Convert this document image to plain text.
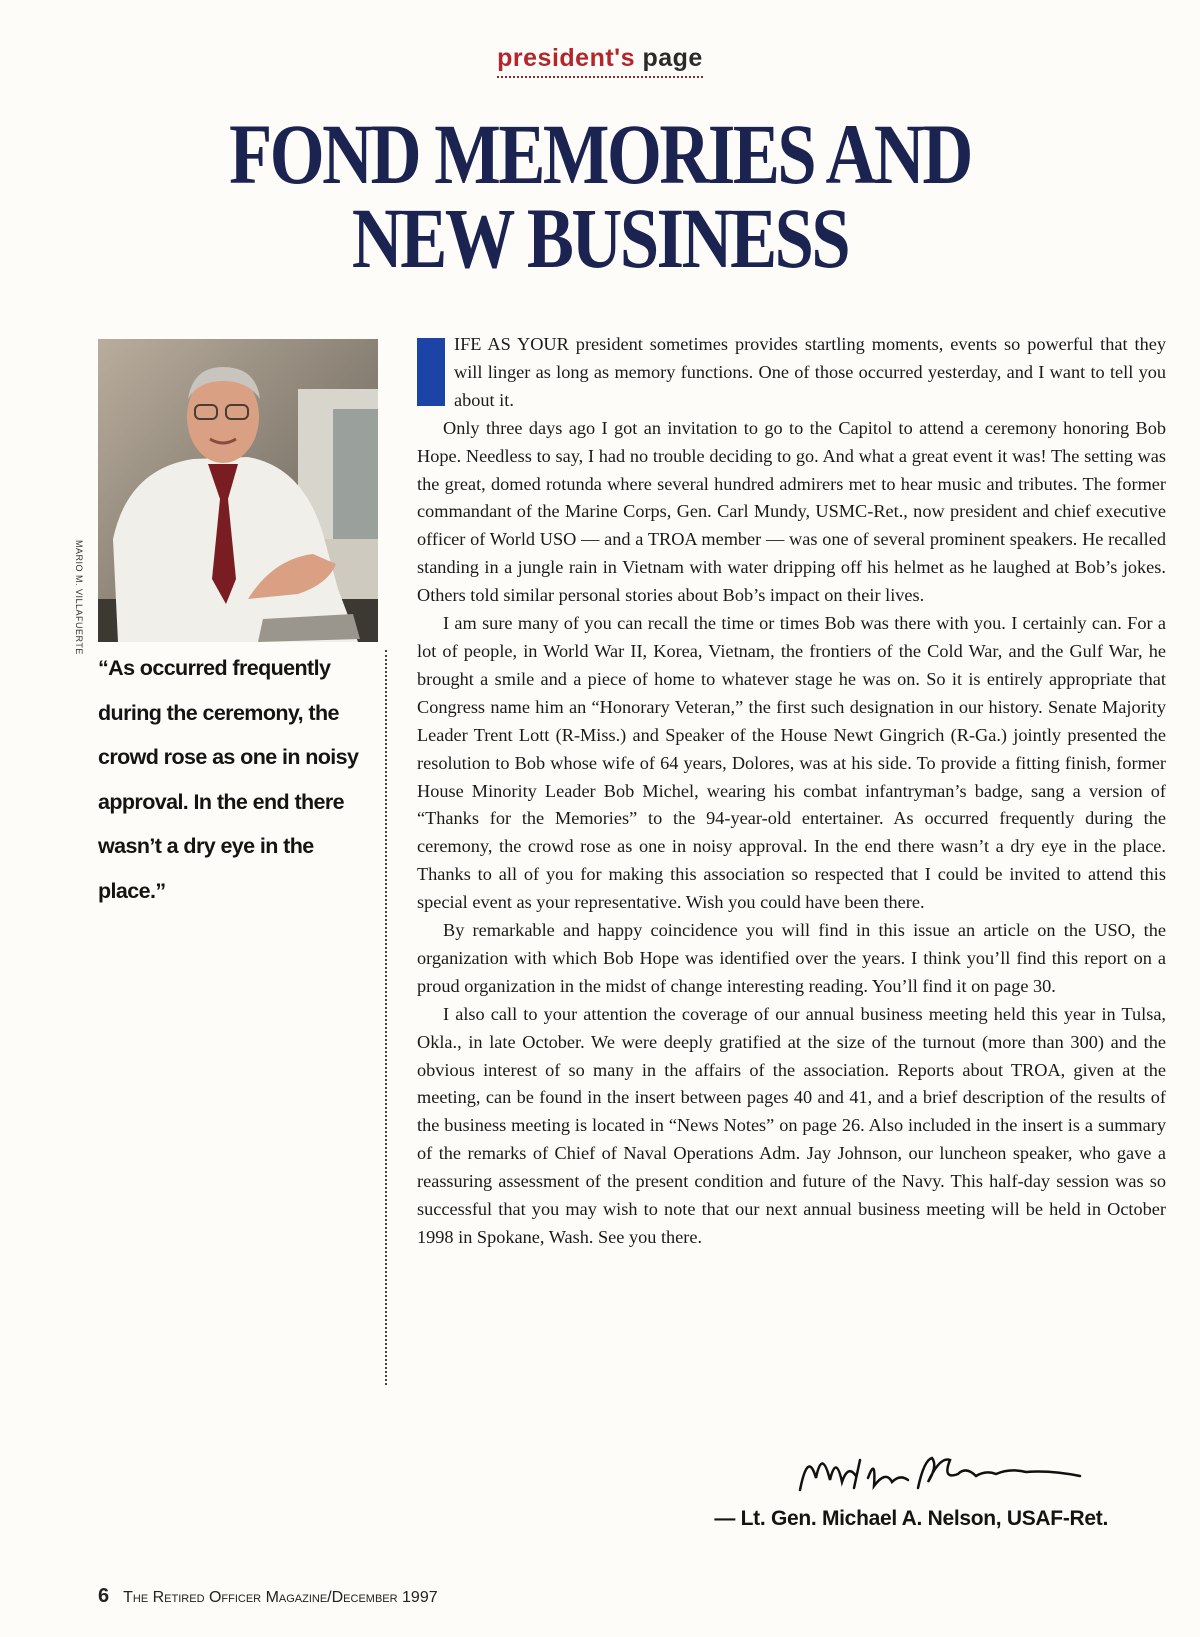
president's page
FOND MEMORIES AND
NEW BUSINESS
MARIO M. VILLAFUERTE
“As occurred frequently during the ceremony, the crowd rose as one in noisy approval. In the end there wasn’t a dry eye in the place.”

IFE AS YOUR president sometimes provides startling moments, events so powerful that they will linger as long as memory functions. One of those occurred yesterday, and I want to tell you about it.

Only three days ago I got an invitation to go to the Capitol to attend a ceremony honoring Bob Hope. Needless to say, I had no trouble deciding to go. And what a great event it was! The setting was the great, domed rotunda where several hundred admirers met to hear music and tributes. The former commandant of the Marine Corps, Gen. Carl Mundy, USMC-Ret., now president and chief executive officer of World USO — and a TROA member — was one of several prominent speakers. He recalled standing in a jungle rain in Vietnam with water dripping off his helmet as he laughed at Bob’s jokes. Others told similar personal stories about Bob’s impact on their lives.

I am sure many of you can recall the time or times Bob was there with you. I certainly can. For a lot of people, in World War II, Korea, Vietnam, the frontiers of the Cold War, and the Gulf War, he brought a smile and a piece of home to whatever stage he was on. So it is entirely appropriate that Congress name him an “Honorary Veteran,” the first such designation in our history. Senate Majority Leader Trent Lott (R-Miss.) and Speaker of the House Newt Gingrich (R-Ga.) jointly presented the resolution to Bob whose wife of 64 years, Dolores, was at his side. To provide a fitting finish, former House Minority Leader Bob Michel, wearing his combat infantryman’s badge, sang a version of “Thanks for the Memories” to the 94-year-old entertainer. As occurred frequently during the ceremony, the crowd rose as one in noisy approval. In the end there wasn’t a dry eye in the place. Thanks to all of you for making this association so respected that I could be invited to attend this special event as your representative. Wish you could have been there.

By remarkable and happy coincidence you will find in this issue an article on the USO, the organization with which Bob Hope was identified over the years. I think you’ll find this report on a proud organization in the midst of change interesting reading. You’ll find it on page 30.

I also call to your attention the coverage of our annual business meeting held this year in Tulsa, Okla., in late October. We were deeply gratified at the size of the turnout (more than 300) and the obvious interest of so many in the affairs of the association. Reports about TROA, given at the meeting, can be found in the insert between pages 40 and 41, and a brief description of the results of the business meeting is located in “News Notes” on page 26. Also included in the insert is a summary of the remarks of Chief of Naval Operations Adm. Jay Johnson, our luncheon speaker, who gave a reassuring assessment of the present condition and future of the Navy. This half-day session was so successful that you may wish to note that our next annual business meeting will be held in October 1998 in Spokane, Wash. See you there.

— Lt. Gen. Michael A. Nelson, USAF-Ret.
6 The Retired Officer Magazine/December 1997
